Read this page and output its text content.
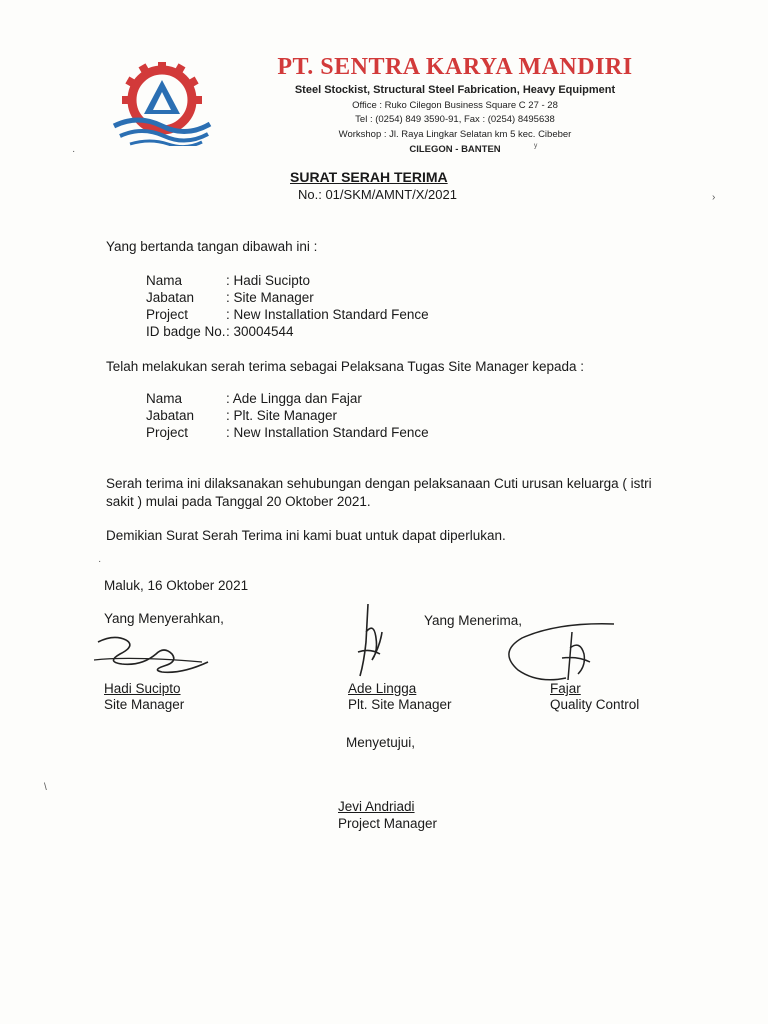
PT. SENTRA KARYA MANDIRI
Steel Stockist, Structural Steel Fabrication, Heavy Equipment
Office : Ruko Cilegon Business Square C 27 - 28
Tel : (0254) 849 3590-91, Fax : (0254) 8495638
Workshop : Jl. Raya Lingkar Selatan km 5 kec. Cibeber
CILEGON - BANTEN
SURAT SERAH TERIMA
No.: 01/SKM/AMNT/X/2021
Yang bertanda tangan dibawah ini :
Nama	: Hadi Sucipto
Jabatan : Site Manager
Project	: New Installation Standard Fence
ID badge No. : 30004544
Telah melakukan serah terima sebagai Pelaksana Tugas Site Manager kepada :
Nama	: Ade Lingga dan Fajar
Jabatan : Plt. Site Manager
Project	: New Installation Standard Fence
Serah terima ini dilaksanakan sehubungan dengan pelaksanaan Cuti urusan keluarga ( istri
sakit ) mulai pada Tanggal 20 Oktober 2021.
Demikian Surat Serah Terima ini kami buat untuk dapat diperlukan.
Maluk, 16 Oktober 2021
Yang Menyerahkan,	Yang Menerima,
Hadi Sucipto
Site Manager
Ade Lingga
Plt. Site Manager
Fajar
Quality Control
Menyetujui,
Jevi Andriadi
Project Manager
·	ʸ
›
·
\
